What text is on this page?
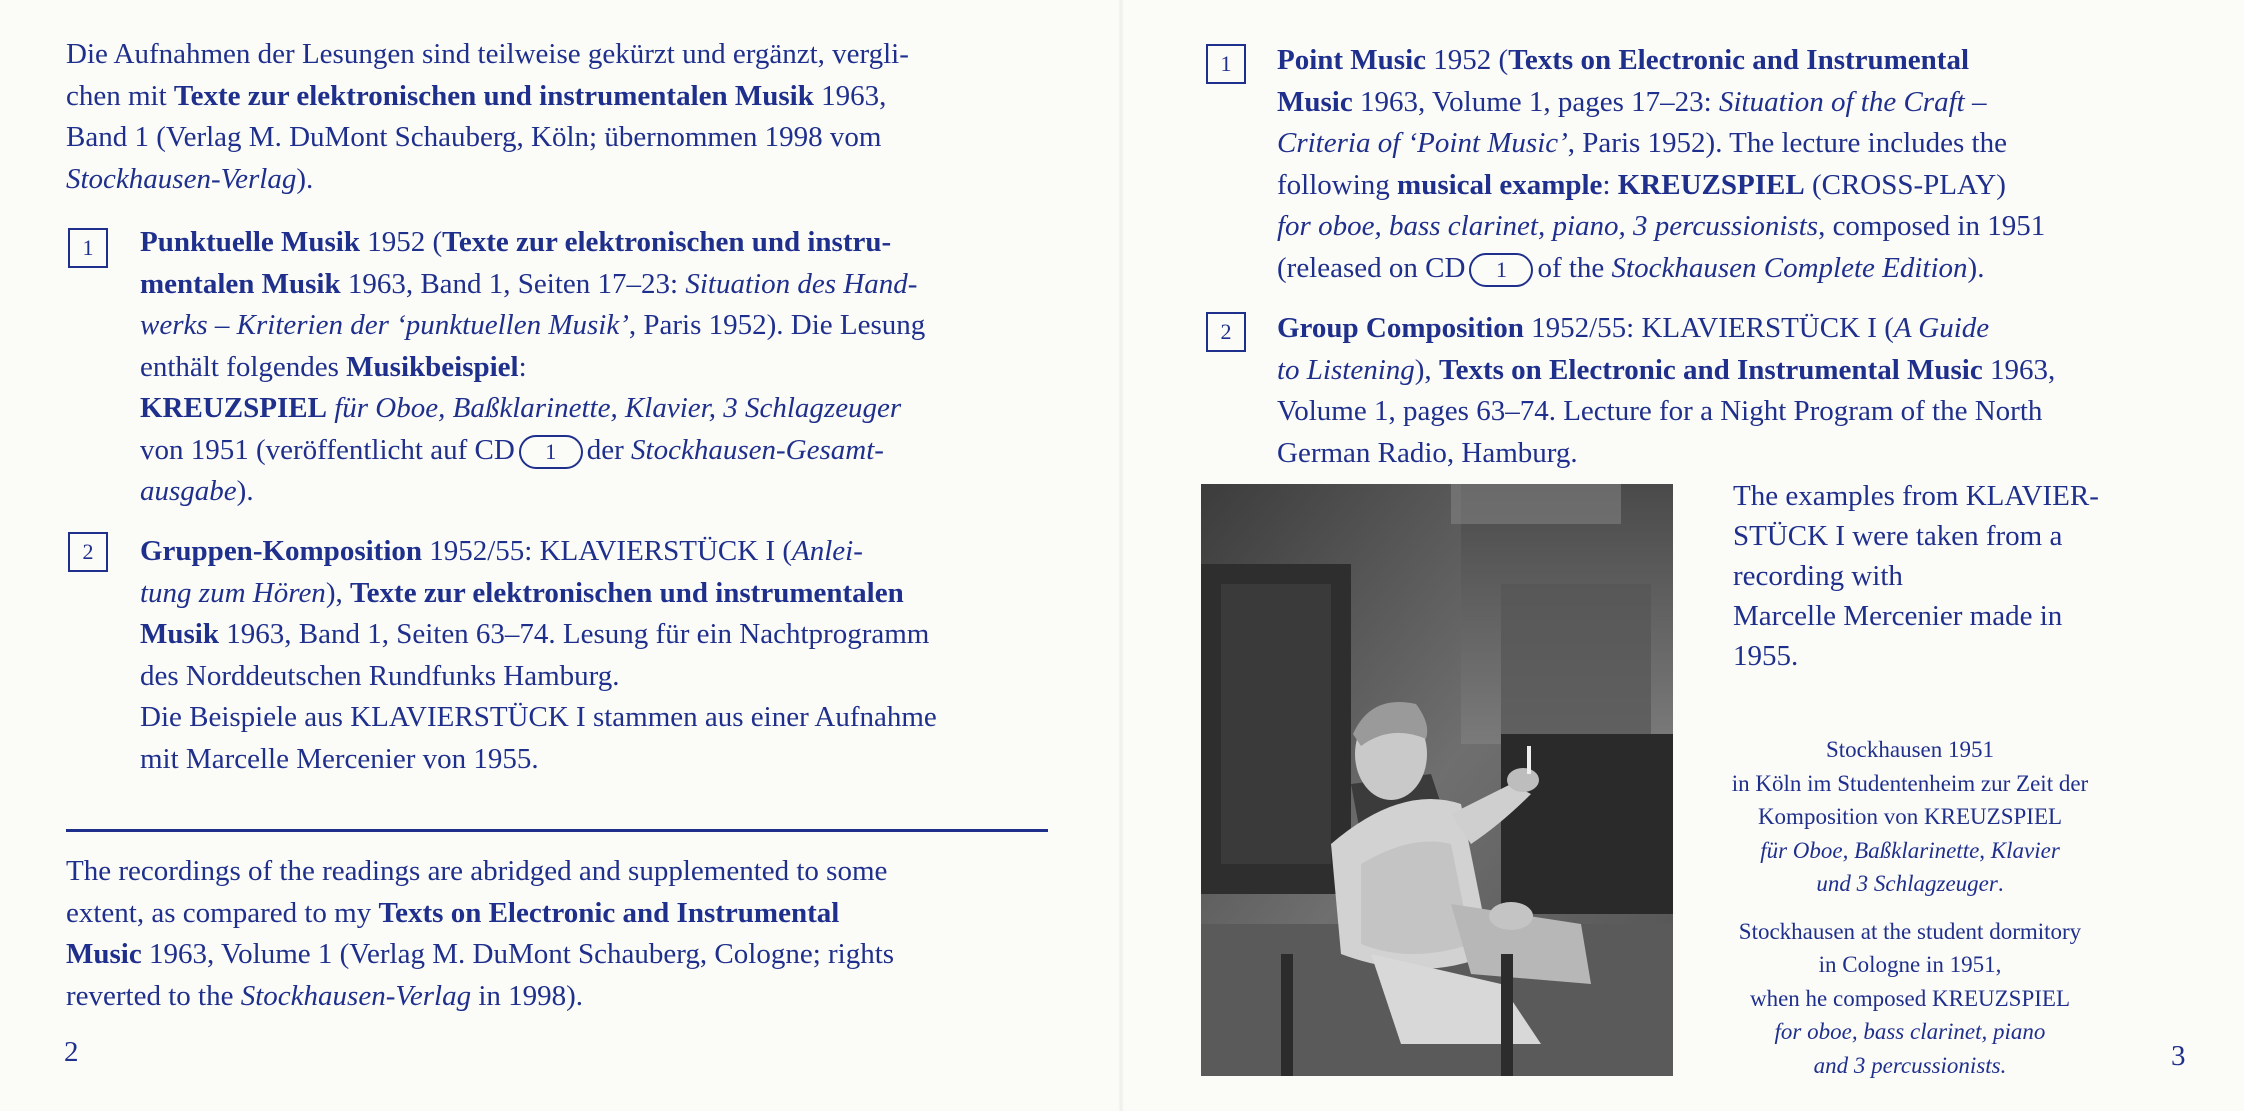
Die Aufnahmen der Lesungen sind teilweise gekürzt und ergänzt, vergli-
chen mit Texte zur elektronischen und instrumentalen Musik 1963,
Band 1 (Verlag M. DuMont Schauberg, Köln; übernommen 1998 vom
Stockhausen-Verlag).
1	Punktuelle Musik 1952 (Texte zur elektronischen und instru-
mentalen Musik 1963, Band 1, Seiten 17–23: Situation des Hand-
werks – Kriterien der ‘punktuellen Musik’, Paris 1952). Die Lesung
enthält folgendes Musikbeispiel:
KREUZSPIEL für Oboe, Baßklarinette, Klavier, 3 Schlagzeuger
von 1951 (veröffentlicht auf CD 1 der Stockhausen-Gesamt-
ausgabe).
2	Gruppen-Komposition 1952/55: KLAVIERSTÜCK I (Anlei-
tung zum Hören), Texte zur elektronischen und instrumentalen
Musik 1963, Band 1, Seiten 63–74. Lesung für ein Nachtprogramm
des Norddeutschen Rundfunks Hamburg.
Die Beispiele aus KLAVIERSTÜCK I stammen aus einer Aufnahme
mit Marcelle Mercenier von 1955.
The recordings of the readings are abridged and supplemented to some
extent, as compared to my Texts on Electronic and Instrumental
Music 1963, Volume 1 (Verlag M. DuMont Schauberg, Cologne; rights
reverted to the Stockhausen-Verlag in 1998).
2
1	Point Music 1952 (Texts on Electronic and Instrumental
Music 1963, Volume 1, pages 17–23: Situation of the Craft –
Criteria of ‘Point Music’, Paris 1952). The lecture includes the
following musical example: KREUZSPIEL (CROSS-PLAY)
for oboe, bass clarinet, piano, 3 percussionists, composed in 1951
(released on CD 1 of the Stockhausen Complete Edition).
2	Group Composition 1952/55: KLAVIERSTÜCK I (A Guide
to Listening), Texts on Electronic and Instrumental Music 1963,
Volume 1, pages 63–74. Lecture for a Night Program of the North
German Radio, Hamburg.
The examples from KLAVIER-
STÜCK I were taken from a
recording with
Marcelle Mercenier made in
1955.

Stockhausen 1951

in Köln im Studentenheim zur Zeit der

Komposition von KREUZSPIEL

für Oboe, Baßklarinette, Klavier

und 3 Schlagzeuger.

Stockhausen at the student dormitory

in Cologne in 1951,

when he composed KREUZSPIEL

for oboe, bass clarinet, piano

and 3 percussionists.	3
